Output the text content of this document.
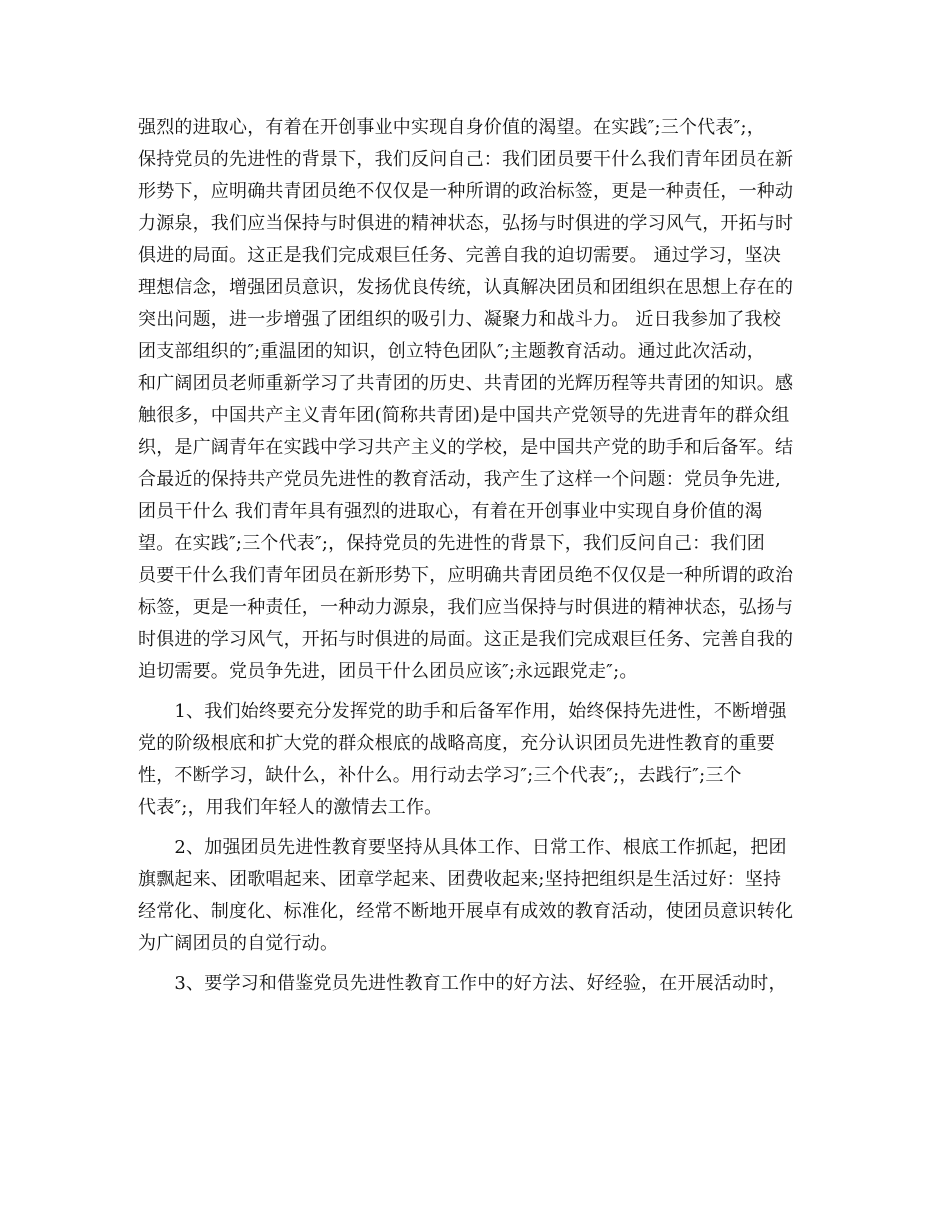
强烈的进取心，有着在开创事业中实现自身价值的渴望。在实践″;三个代表″;，
保持党员的先进性的背景下，我们反问自己：我们团员要干什么我们青年团员在新
形势下，应明确共青团员绝不仅仅是一种所谓的政治标签，更是一种责任，一种动
力源泉，我们应当保持与时俱进的精神状态，弘扬与时俱进的学习风气，开拓与时
俱进的局面。这正是我们完成艰巨任务、完善自我的迫切需要。 通过学习，坚决
理想信念，增强团员意识，发扬优良传统，认真解决团员和团组织在思想上存在的
突出问题，进一步增强了团组织的吸引力、凝聚力和战斗力。 近日我参加了我校
团支部组织的″;重温团的知识，创立特色团队″;主题教育活动。通过此次活动，
和广阔团员老师重新学习了共青团的历史、共青团的光辉历程等共青团的知识。感
触很多，中国共产主义青年团(简称共青团)是中国共产党领导的先进青年的群众组
织，是广阔青年在实践中学习共产主义的学校，是中国共产党的助手和后备军。结
合最近的保持共产党员先进性的教育活动，我产生了这样一个问题：党员争先进,
团员干什么 我们青年具有强烈的进取心，有着在开创事业中实现自身价值的渴
望。在实践″;三个代表″;，保持党员的先进性的背景下，我们反问自己：我们团
员要干什么我们青年团员在新形势下，应明确共青团员绝不仅仅是一种所谓的政治
标签，更是一种责任，一种动力源泉，我们应当保持与时俱进的精神状态，弘扬与
时俱进的学习风气，开拓与时俱进的局面。这正是我们完成艰巨任务、完善自我的
迫切需要。党员争先进，团员干什么团员应该″;永远跟党走″;。
　　1、我们始终要充分发挥党的助手和后备军作用，始终保持先进性，不断增强
党的阶级根底和扩大党的群众根底的战略高度，充分认识团员先进性教育的重要
性，不断学习，缺什么，补什么。用行动去学习″;三个代表″;，去践行″;三个
代表″;，用我们年轻人的激情去工作。
　　2、加强团员先进性教育要坚持从具体工作、日常工作、根底工作抓起，把团
旗飘起来、团歌唱起来、团章学起来、团费收起来;坚持把组织是生活过好：坚持
经常化、制度化、标准化，经常不断地开展卓有成效的教育活动，使团员意识转化
为广阔团员的自觉行动。
　　3、要学习和借鉴党员先进性教育工作中的好方法、好经验，在开展活动时，
